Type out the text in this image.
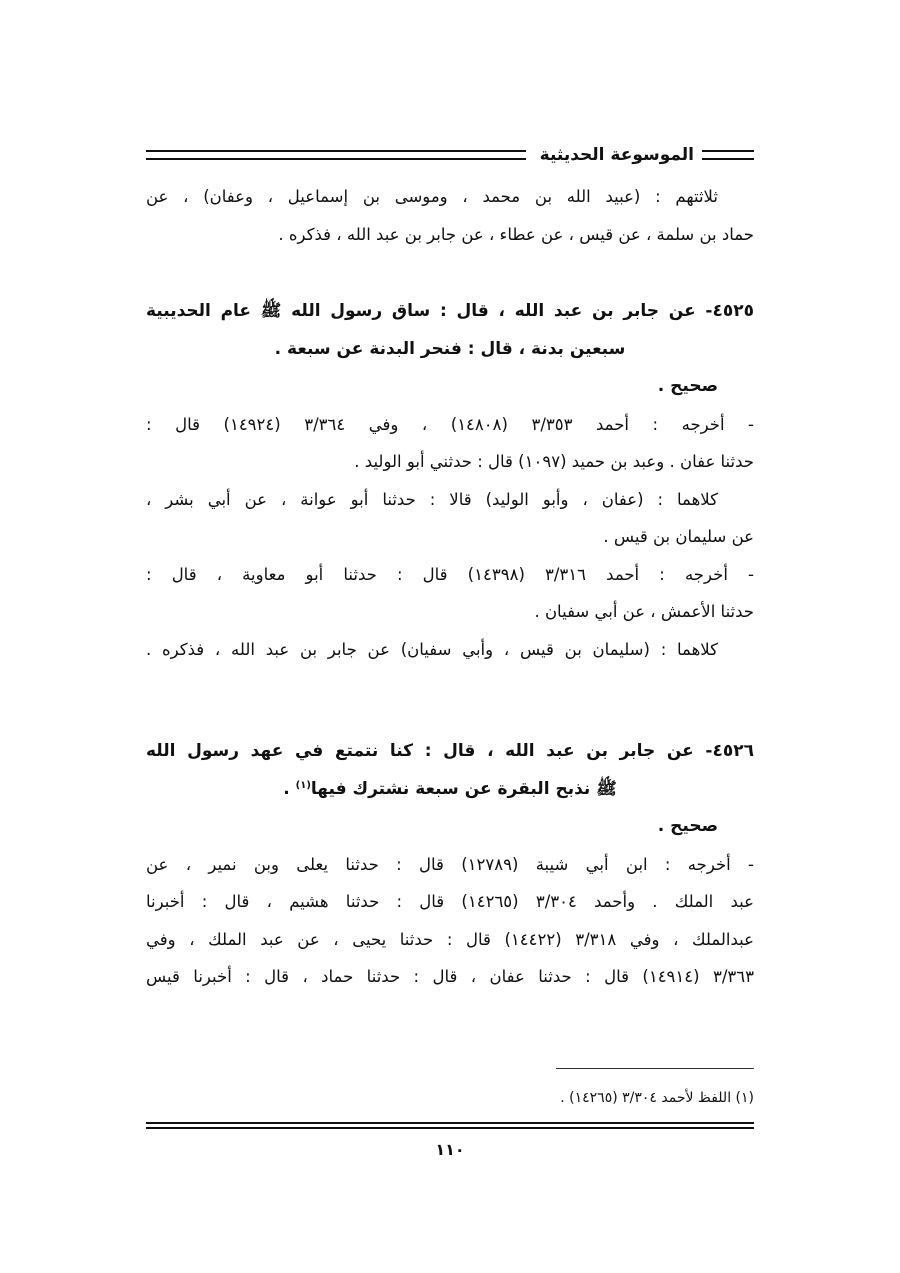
الموسوعة الحديثية
ثلاثتهم : (عبيد الله بن محمد ، وموسى بن إسماعيل ، وعفان) ، عن
حماد بن سلمة ، عن قيس ، عن عطاء ، عن جابر بن عبد الله ، فذكره .
٤٥٢٥- عن جابر بن عبد الله ، قال : ساق رسول الله ﷺ عام الحديبية
سبعين بدنة ، قال : فنحر البدنة عن سبعة .
صحيح .
- أخرجه : أحمد ٣/٣٥٣ (١٤٨٠٨) ، وفي ٣/٣٦٤ (١٤٩٢٤) قال :
حدثنا عفان . وعبد بن حميد (١٠٩٧) قال : حدثني أبو الوليد .
كلاهما : (عفان ، وأبو الوليد) قالا : حدثنا أبو عوانة ، عن أبي بشر ،
عن سليمان بن قيس .
- أخرجه : أحمد ٣/٣١٦ (١٤٣٩٨) قال : حدثنا أبو معاوية ، قال :
حدثنا الأعمش ، عن أبي سفيان .
كلاهما : (سليمان بن قيس ، وأبي سفيان) عن جابر بن عبد الله ، فذكره .
٤٥٢٦- عن جابر بن عبد الله ، قال : كنا نتمتع في عهد رسول الله
ﷺ نذبح البقرة عن سبعة نشترك فيها$^{(١)}$ .
صحيح .
- أخرجه : ابن أبي شيبة (١٢٧٨٩) قال : حدثنا يعلى وبن نمير ، عن
عبد الملك . وأحمد ٣/٣٠٤ (١٤٢٦٥) قال : حدثنا هشيم ، قال : أخبرنا
عبدالملك ، وفي ٣/٣١٨ (١٤٤٢٢) قال : حدثنا يحيى ، عن عبد الملك ، وفي
٣/٣٦٣ (١٤٩١٤) قال : حدثنا عفان ، قال : حدثنا حماد ، قال : أخبرنا قيس
(١) اللفظ لأحمد ٣/٣٠٤ (١٤٢٦٥) .
١١٠
